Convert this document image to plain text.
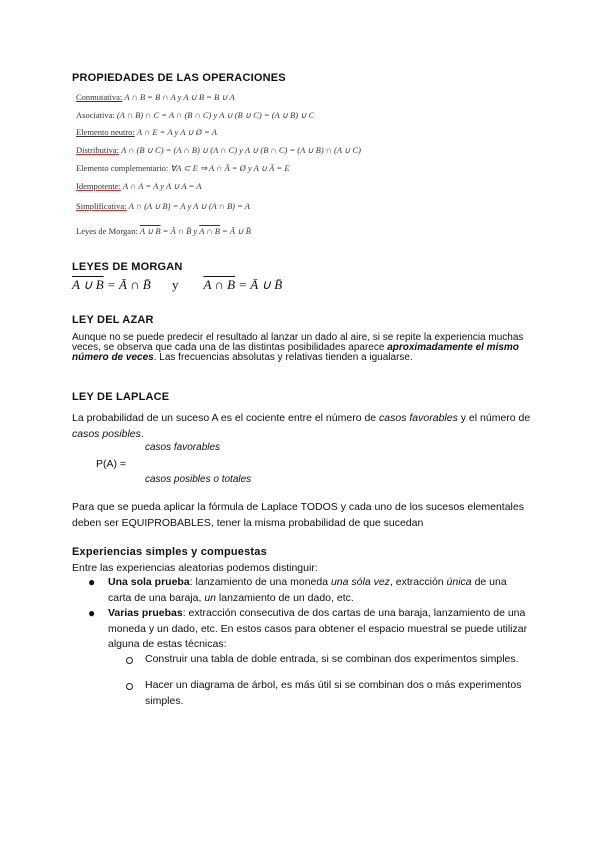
PROPIEDADES DE LAS OPERACIONES
Conmutativa: A ∩ B = B ∩ A y A ∪ B = B ∪ A
Asociativa: (A ∩ B) ∩ C = A ∩ (B ∩ C) y A ∪ (B ∪ C) = (A ∪ B) ∪ C
Elemento neutro: A ∩ E = A y A ∪ Ø = A
Distributiva: A ∩ (B ∪ C) = (A ∩ B) ∪ (A ∩ C) y A ∪ (B ∩ C) = (A ∪ B) ∩ (A ∪ C)
Elemento complementario: ∀A ⊂ E ⇒ A ∩ Ā = Ø y A ∪ Ā = E
Idempotente: A ∩ A = A y A ∪ A = A
Simplificativa: A ∩ (A ∪ B) = A y A ∪ (A ∩ B) = A
Leyes de Morgan: A ∪ B = Ā ∩ B̄ y A ∩ B = Ā ∪ B̄
LEYES DE MORGAN
A ∪ B = Ā ∩ B̄ y A ∩ B = Ā ∪ B̄
LEY DEL AZAR
Aunque no se puede predecir el resultado al lanzar un dado al aire, si se repite la experiencia muchas veces, se observa que cada una de las distintas posibilidades aparece aproximadamente el mismo número de veces. Las frecuencias absolutas y relativas tienden a igualarse.
LEY DE LAPLACE
La probabilidad de un suceso A es el cociente entre el número de casos favorables y el número de casos posibles.
casos favorables
P(A) =
casos posibles o totales
Para que se pueda aplicar la fórmula de Laplace TODOS y cada uno de los sucesos elementales deben ser EQUIPROBABLES, tener la misma probabilidad de que sucedan
Experiencias simples y compuestas
Entre las experiencias aleatorias podemos distinguir:
● Una sola prueba: lanzamiento de una moneda una sóla vez, extracción única de una carta de una baraja, un lanzamiento de un dado, etc.
● Varias pruebas: extracción consecutiva de dos cartas de una baraja, lanzamiento de una moneda y un dado, etc. En estos casos para obtener el espacio muestral se puede utilizar alguna de estas técnicas:
Construir una tabla de doble entrada, si se combinan dos experimentos simples.
Hacer un diagrama de árbol, es más útil si se combinan dos o más experimentos simples.
